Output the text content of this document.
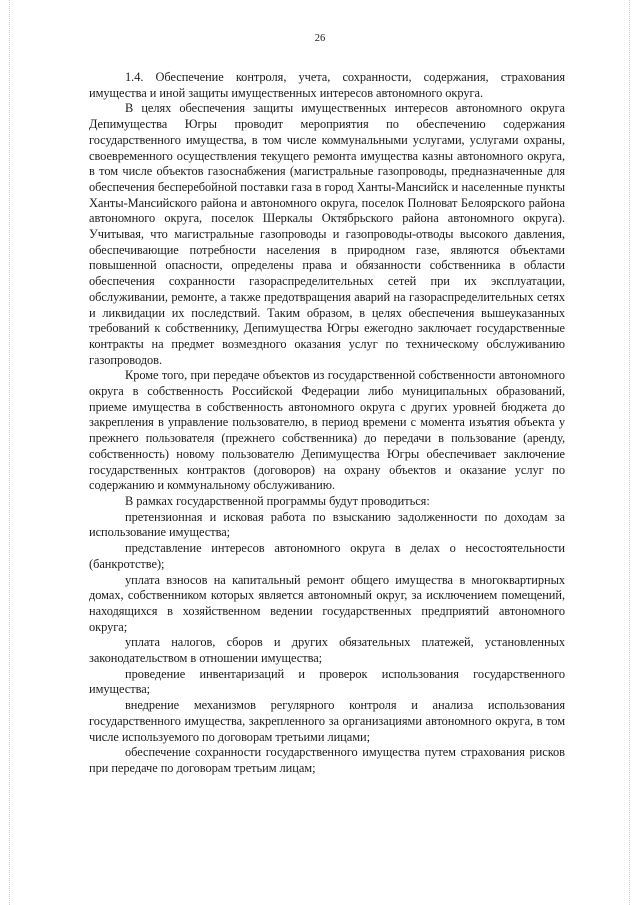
26

1.4. Обеспечение контроля, учета, сохранности, содержания, страхования имущества и иной защиты имущественных интересов автономного округа.

В целях обеспечения защиты имущественных интересов автономного округа Депимущества Югры проводит мероприятия по обеспечению содержания государственного имущества, в том числе коммунальными услугами, услугами охраны, своевременного осуществления текущего ремонта имущества казны автономного округа, в том числе объектов газоснабжения (магистральные газопроводы, предназначенные для обеспечения бесперебойной поставки газа в город Ханты-Мансийск и населенные пункты Ханты-Мансийского района и автономного округа, поселок Полноват Белоярского района автономного округа, поселок Шеркалы Октябрьского района автономного округа). Учитывая, что магистральные газопроводы и газопроводы-отводы высокого давления, обеспечивающие потребности населения в природном газе, являются объектами повышенной опасности, определены права и обязанности собственника в области обеспечения сохранности газораспределительных сетей при их эксплуатации, обслуживании, ремонте, а также предотвращения аварий на газораспределительных сетях и ликвидации их последствий. Таким образом, в целях обеспечения вышеуказанных требований к собственнику, Депимущества Югры ежегодно заключает государственные контракты на предмет возмездного оказания услуг по техническому обслуживанию газопроводов.

Кроме того, при передаче объектов из государственной собственности автономного округа в собственность Российской Федерации либо муниципальных образований, приеме имущества в собственность автономного округа с других уровней бюджета до закрепления в управление пользователю, в период времени с момента изъятия объекта у прежнего пользователя (прежнего собственника) до передачи в пользование (аренду, собственность) новому пользователю Депимущества Югры обеспечивает заключение государственных контрактов (договоров) на охрану объектов и оказание услуг по содержанию и коммунальному обслуживанию.

В рамках государственной программы будут проводиться:

претензионная и исковая работа по взысканию задолженности по доходам за использование имущества;

представление интересов автономного округа в делах о несостоятельности (банкротстве);

уплата взносов на капитальный ремонт общего имущества в многоквартирных домах, собственником которых является автономный округ, за исключением помещений, находящихся в хозяйственном ведении государственных предприятий автономного округа;

уплата налогов, сборов и других обязательных платежей, установленных законодательством в отношении имущества;

проведение инвентаризаций и проверок использования государственного имущества;

внедрение механизмов регулярного контроля и анализа использования государственного имущества, закрепленного за организациями автономного округа, в том числе используемого по договорам третьими лицами;

обеспечение сохранности государственного имущества путем страхования рисков при передаче по договорам третьим лицам;
